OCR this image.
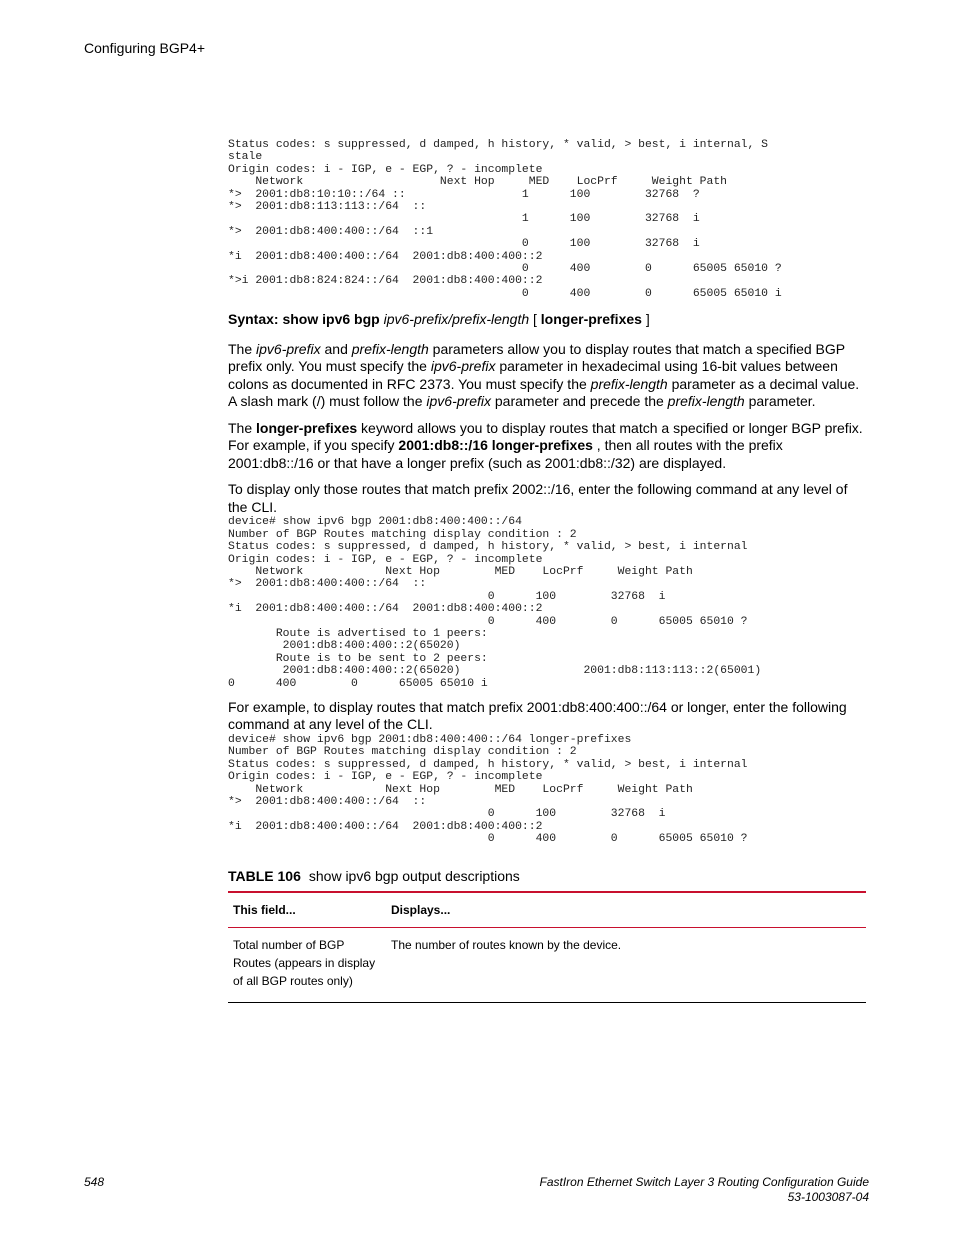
Configuring BGP4+
Status codes: s suppressed, d damped, h history, * valid, > best, i internal, S
stale
Origin codes: i - IGP, e - EGP, ? - incomplete
Network                    Next Hop     MED    LocPrf     Weight Path
*>  2001:db8:10:10::/64 ::                 1      100        32768  ?
*>  2001:db8:113:113::/64  ::
1      100        32768  i
*>  2001:db8:400:400::/64  ::1
0      100        32768  i
*i  2001:db8:400:400::/64  2001:db8:400:400::2
0      400        0      65005 65010 ?
*>i 2001:db8:824:824::/64  2001:db8:400:400::2
0      400        0      65005 65010 i

Syntax: show ipv6 bgp ipv6-prefix/prefix-length [ longer-prefixes ]

The ipv6-prefix and prefix-length parameters allow you to display routes that match a specified BGP prefix only. You must specify the ipv6-prefix parameter in hexadecimal using 16-bit values between colons as documented in RFC 2373. You must specify the prefix-length parameter as a decimal value. A slash mark (/) must follow the ipv6-prefix parameter and precede the prefix-length parameter.

The longer-prefixes keyword allows you to display routes that match a specified or longer BGP prefix. For example, if you specify 2001:db8::/16 longer-prefixes , then all routes with the prefix 2001:db8::/16 or that have a longer prefix (such as 2001:db8::/32) are displayed.

To display only those routes that match prefix 2002::/16, enter the following command at any level of the CLI.

device# show ipv6 bgp 2001:db8:400:400::/64
Number of BGP Routes matching display condition : 2
Status codes: s suppressed, d damped, h history, * valid, > best, i internal
Origin codes: i - IGP, e - EGP, ? - incomplete
Network            Next Hop        MED    LocPrf     Weight Path
*>  2001:db8:400:400::/64  ::
0      100        32768  i
*i  2001:db8:400:400::/64  2001:db8:400:400::2
0      400        0      65005 65010 ?
Route is advertised to 1 peers:
2001:db8:400:400::2(65020)
Route is to be sent to 2 peers:
2001:db8:400:400::2(65020)                  2001:db8:113:113::2(65001)
0      400        0      65005 65010 i

For example, to display routes that match prefix 2001:db8:400:400::/64 or longer, enter the following command at any level of the CLI.

device# show ipv6 bgp 2001:db8:400:400::/64 longer-prefixes
Number of BGP Routes matching display condition : 2
Status codes: s suppressed, d damped, h history, * valid, > best, i internal
Origin codes: i - IGP, e - EGP, ? - incomplete
Network            Next Hop        MED    LocPrf     Weight Path
*>  2001:db8:400:400::/64  ::
0      100        32768  i
*i  2001:db8:400:400::/64  2001:db8:400:400::2
0      400        0      65005 65010 ?
TABLE 106 show ipv6 bgp output descriptions
This field...	Displays...
Total number of BGP Routes (appears in display of all BGP routes only)	The number of routes known by the device.
548	FastIron Ethernet Switch Layer 3 Routing Configuration Guide
53-1003087-04
